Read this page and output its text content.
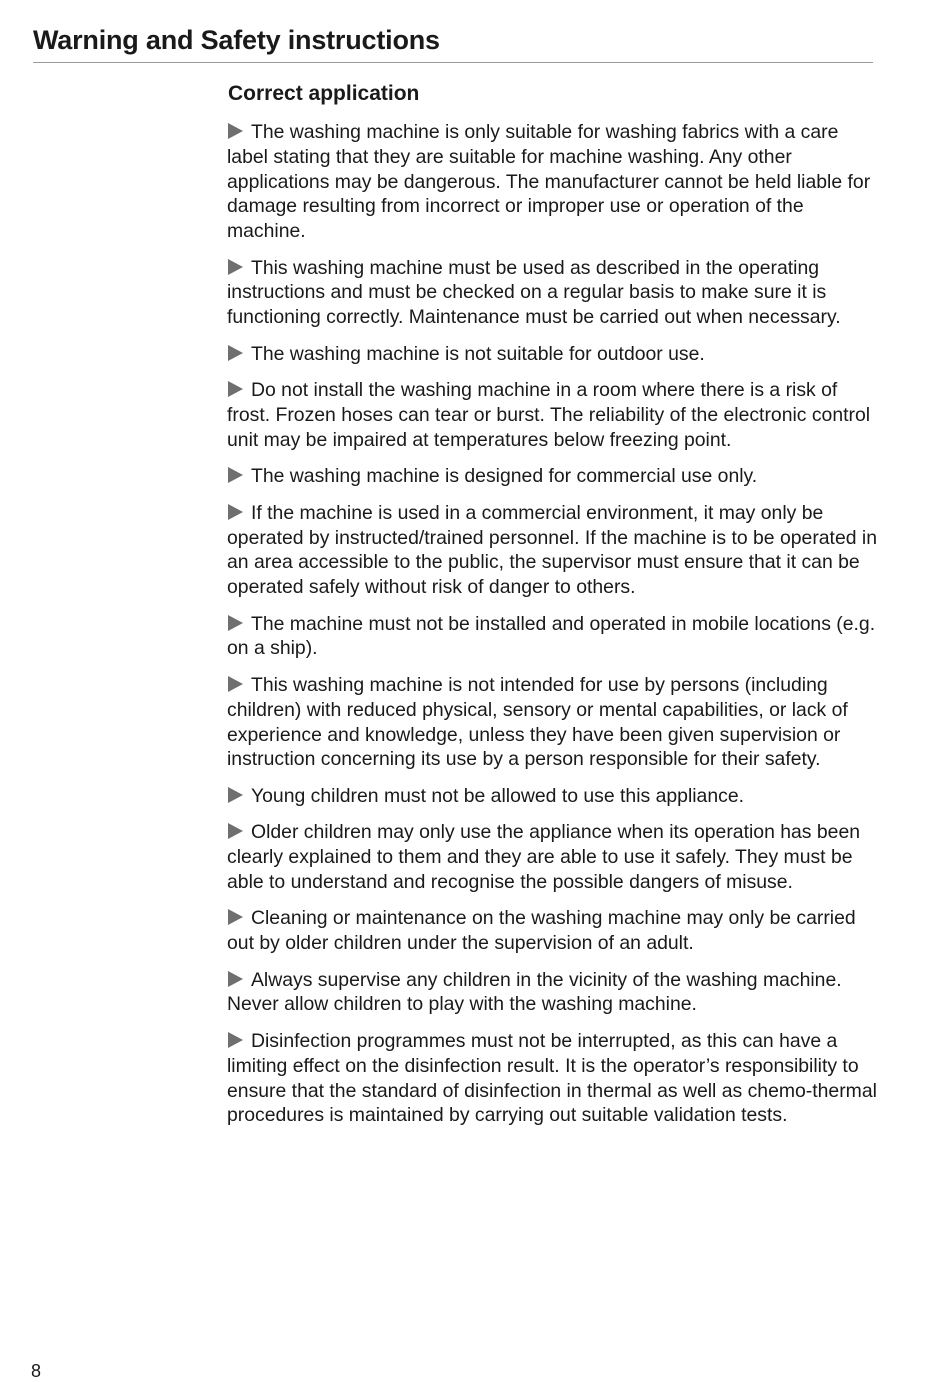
Warning and Safety instructions
Correct application

The washing machine is only suitable for washing fabrics with a care label stating that they are suitable for machine washing. Any other applications may be dangerous. The manufacturer cannot be held liable for damage resulting from incorrect or improper use or operation of the machine.

This washing machine must be used as described in the operating instructions and must be checked on a regular basis to make sure it is functioning correctly. Maintenance must be carried out when necessary.

The washing machine is not suitable for outdoor use.

Do not install the washing machine in a room where there is a risk of frost. Frozen hoses can tear or burst. The reliability of the electronic control unit may be impaired at temperatures below freezing point.

The washing machine is designed for commercial use only.

If the machine is used in a commercial environment, it may only be operated by instructed/trained personnel. If the machine is to be operated in an area accessible to the public, the supervisor must ensure that it can be operated safely without risk of danger to others.

The machine must not be installed and operated in mobile locations (e.g. on a ship).

This washing machine is not intended for use by persons (including children) with reduced physical, sensory or mental capabilities, or lack of experience and knowledge, unless they have been given supervision or instruction concerning its use by a person responsible for their safety.

Young children must not be allowed to use this appliance.

Older children may only use the appliance when its operation has been clearly explained to them and they are able to use it safely. They must be able to understand and recognise the possible dangers of misuse.

Cleaning or maintenance on the washing machine may only be carried out by older children under the supervision of an adult.

Always supervise any children in the vicinity of the washing machine. Never allow children to play with the washing machine.

Disinfection programmes must not be interrupted, as this can have a limiting effect on the disinfection result. It is the operator’s responsibility to ensure that the standard of disinfection in thermal as well as chemo-thermal procedures is maintained by carrying out suitable validation tests.

8
